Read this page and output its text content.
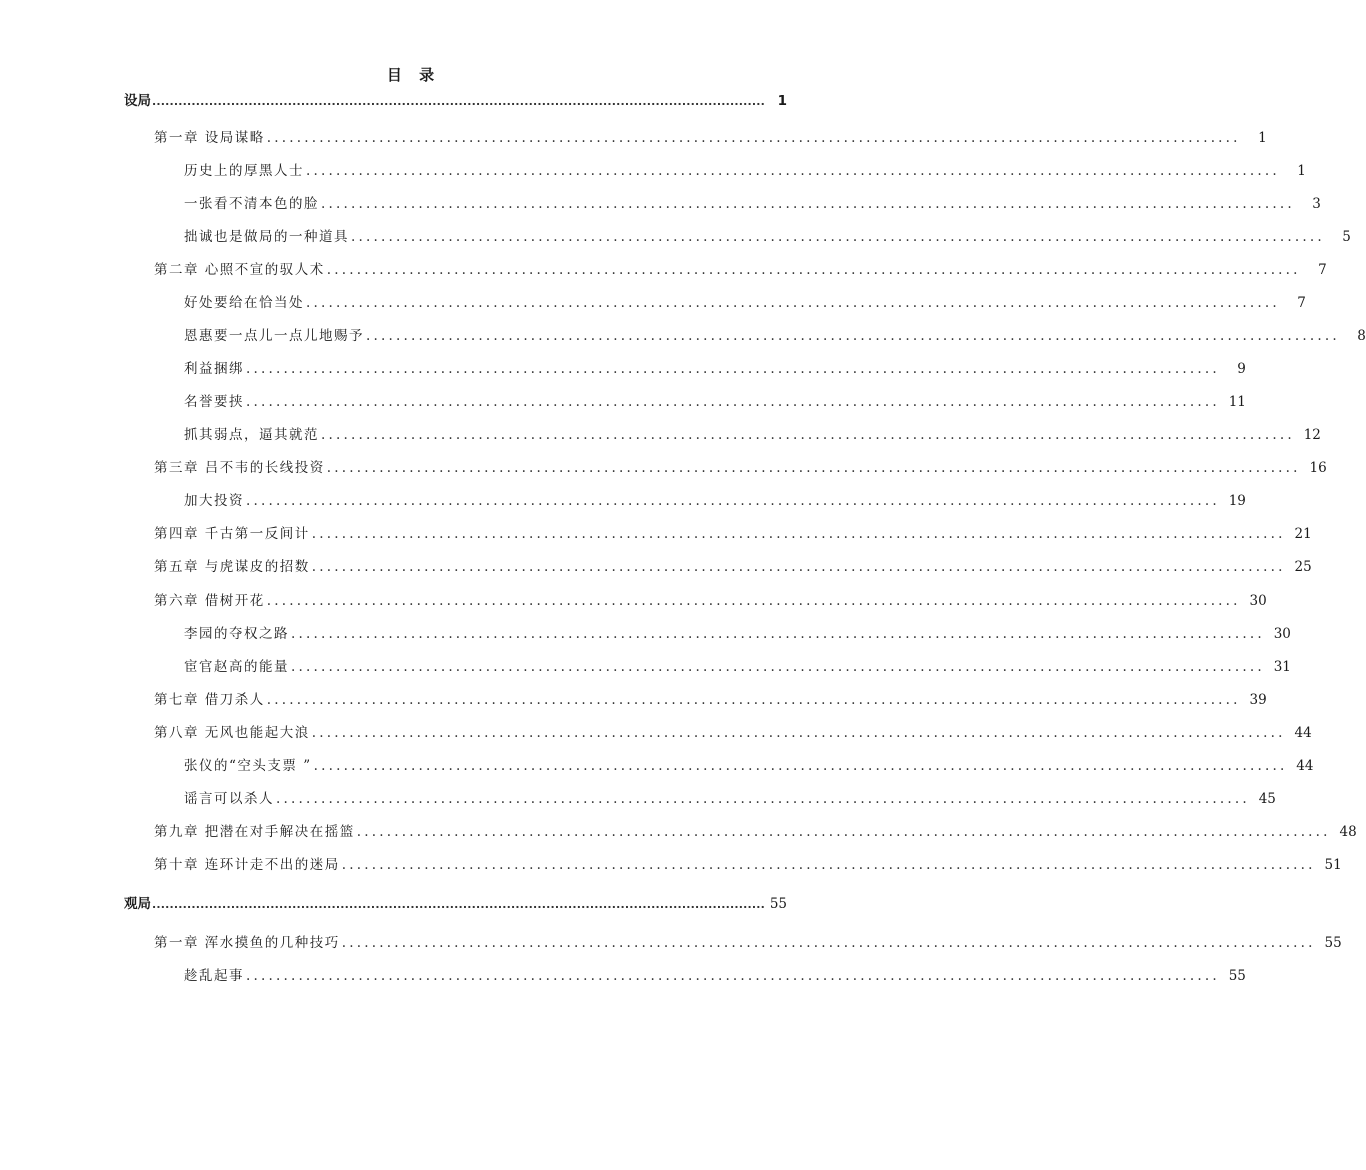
目 录
设局 ............................................................................................................................................ 1
第一章 设局谋略 ..................................................................................................................................	1
历史上的厚黑人士 ..................................................................................................................................	1
一张看不清本色的脸 ..................................................................................................................................	3
拙诚也是做局的一种道具 ..................................................................................................................................	5
第二章 心照不宣的驭人术 ..................................................................................................................................	7
好处要给在恰当处 ..................................................................................................................................	7
恩惠要一点儿一点儿地赐予 ..................................................................................................................................	8
利益捆绑 ..................................................................................................................................	9
名誉要挟 .................................................................................................................................. 11
抓其弱点，逼其就范 .................................................................................................................................. 12
第三章 吕不韦的长线投资 .................................................................................................................................. 16
加大投资 .................................................................................................................................. 19
第四章 千古第一反间计 .................................................................................................................................. 21
第五章 与虎谋皮的招数 .................................................................................................................................. 25
第六章 借树开花 .................................................................................................................................. 30
李园的夺权之路 .................................................................................................................................. 30
宦官赵高的能量 .................................................................................................................................. 31
第七章 借刀杀人 .................................................................................................................................. 39
第八章 无风也能起大浪 .................................................................................................................................. 44
张仪的“空头支票 ” .................................................................................................................................. 44
谣言可以杀人 .................................................................................................................................. 45
第九章 把潜在对手解决在摇篮 .................................................................................................................................. 48
第十章 连环计走不出的迷局 .................................................................................................................................. 51
观局 ............................................................................................................................................ 55
第一章 浑水摸鱼的几种技巧 .................................................................................................................................. 55
趁乱起事 .................................................................................................................................. 55
